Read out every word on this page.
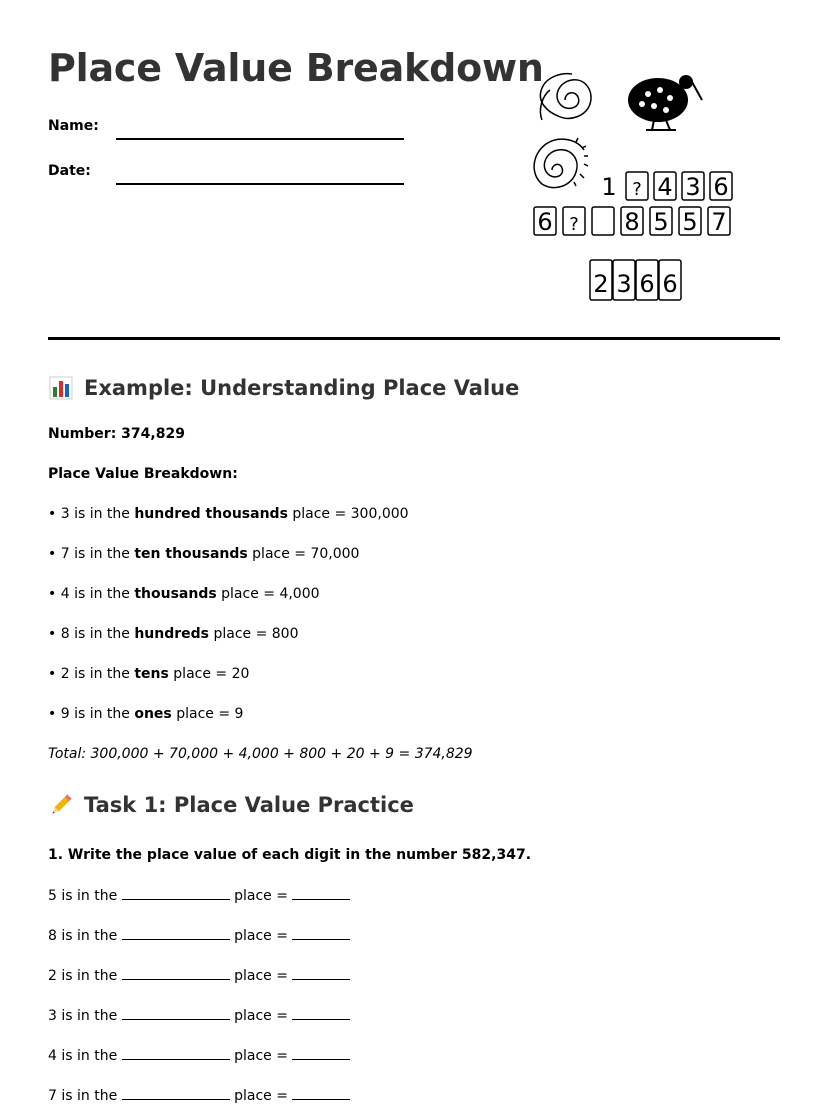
Place Value Breakdown
Name:
Date:
1 ? 4 3 6
6 ? 8 5 5 7
2 3 6 6
Example: Understanding Place Value
Number: 374,829
Place Value Breakdown:
• 3 is in the hundred thousands place = 300,000
• 7 is in the ten thousands place = 70,000
• 4 is in the thousands place = 4,000
• 8 is in the hundreds place = 800
• 2 is in the tens place = 20
• 9 is in the ones place = 9
Total: 300,000 + 70,000 + 4,000 + 800 + 20 + 9 = 374,829
Task 1: Place Value Practice
1. Write the place value of each digit in the number 582,347.
5 is in the	place =
8 is in the	place =
2 is in the	place =
3 is in the	place =
4 is in the	place =
7 is in the	place =
